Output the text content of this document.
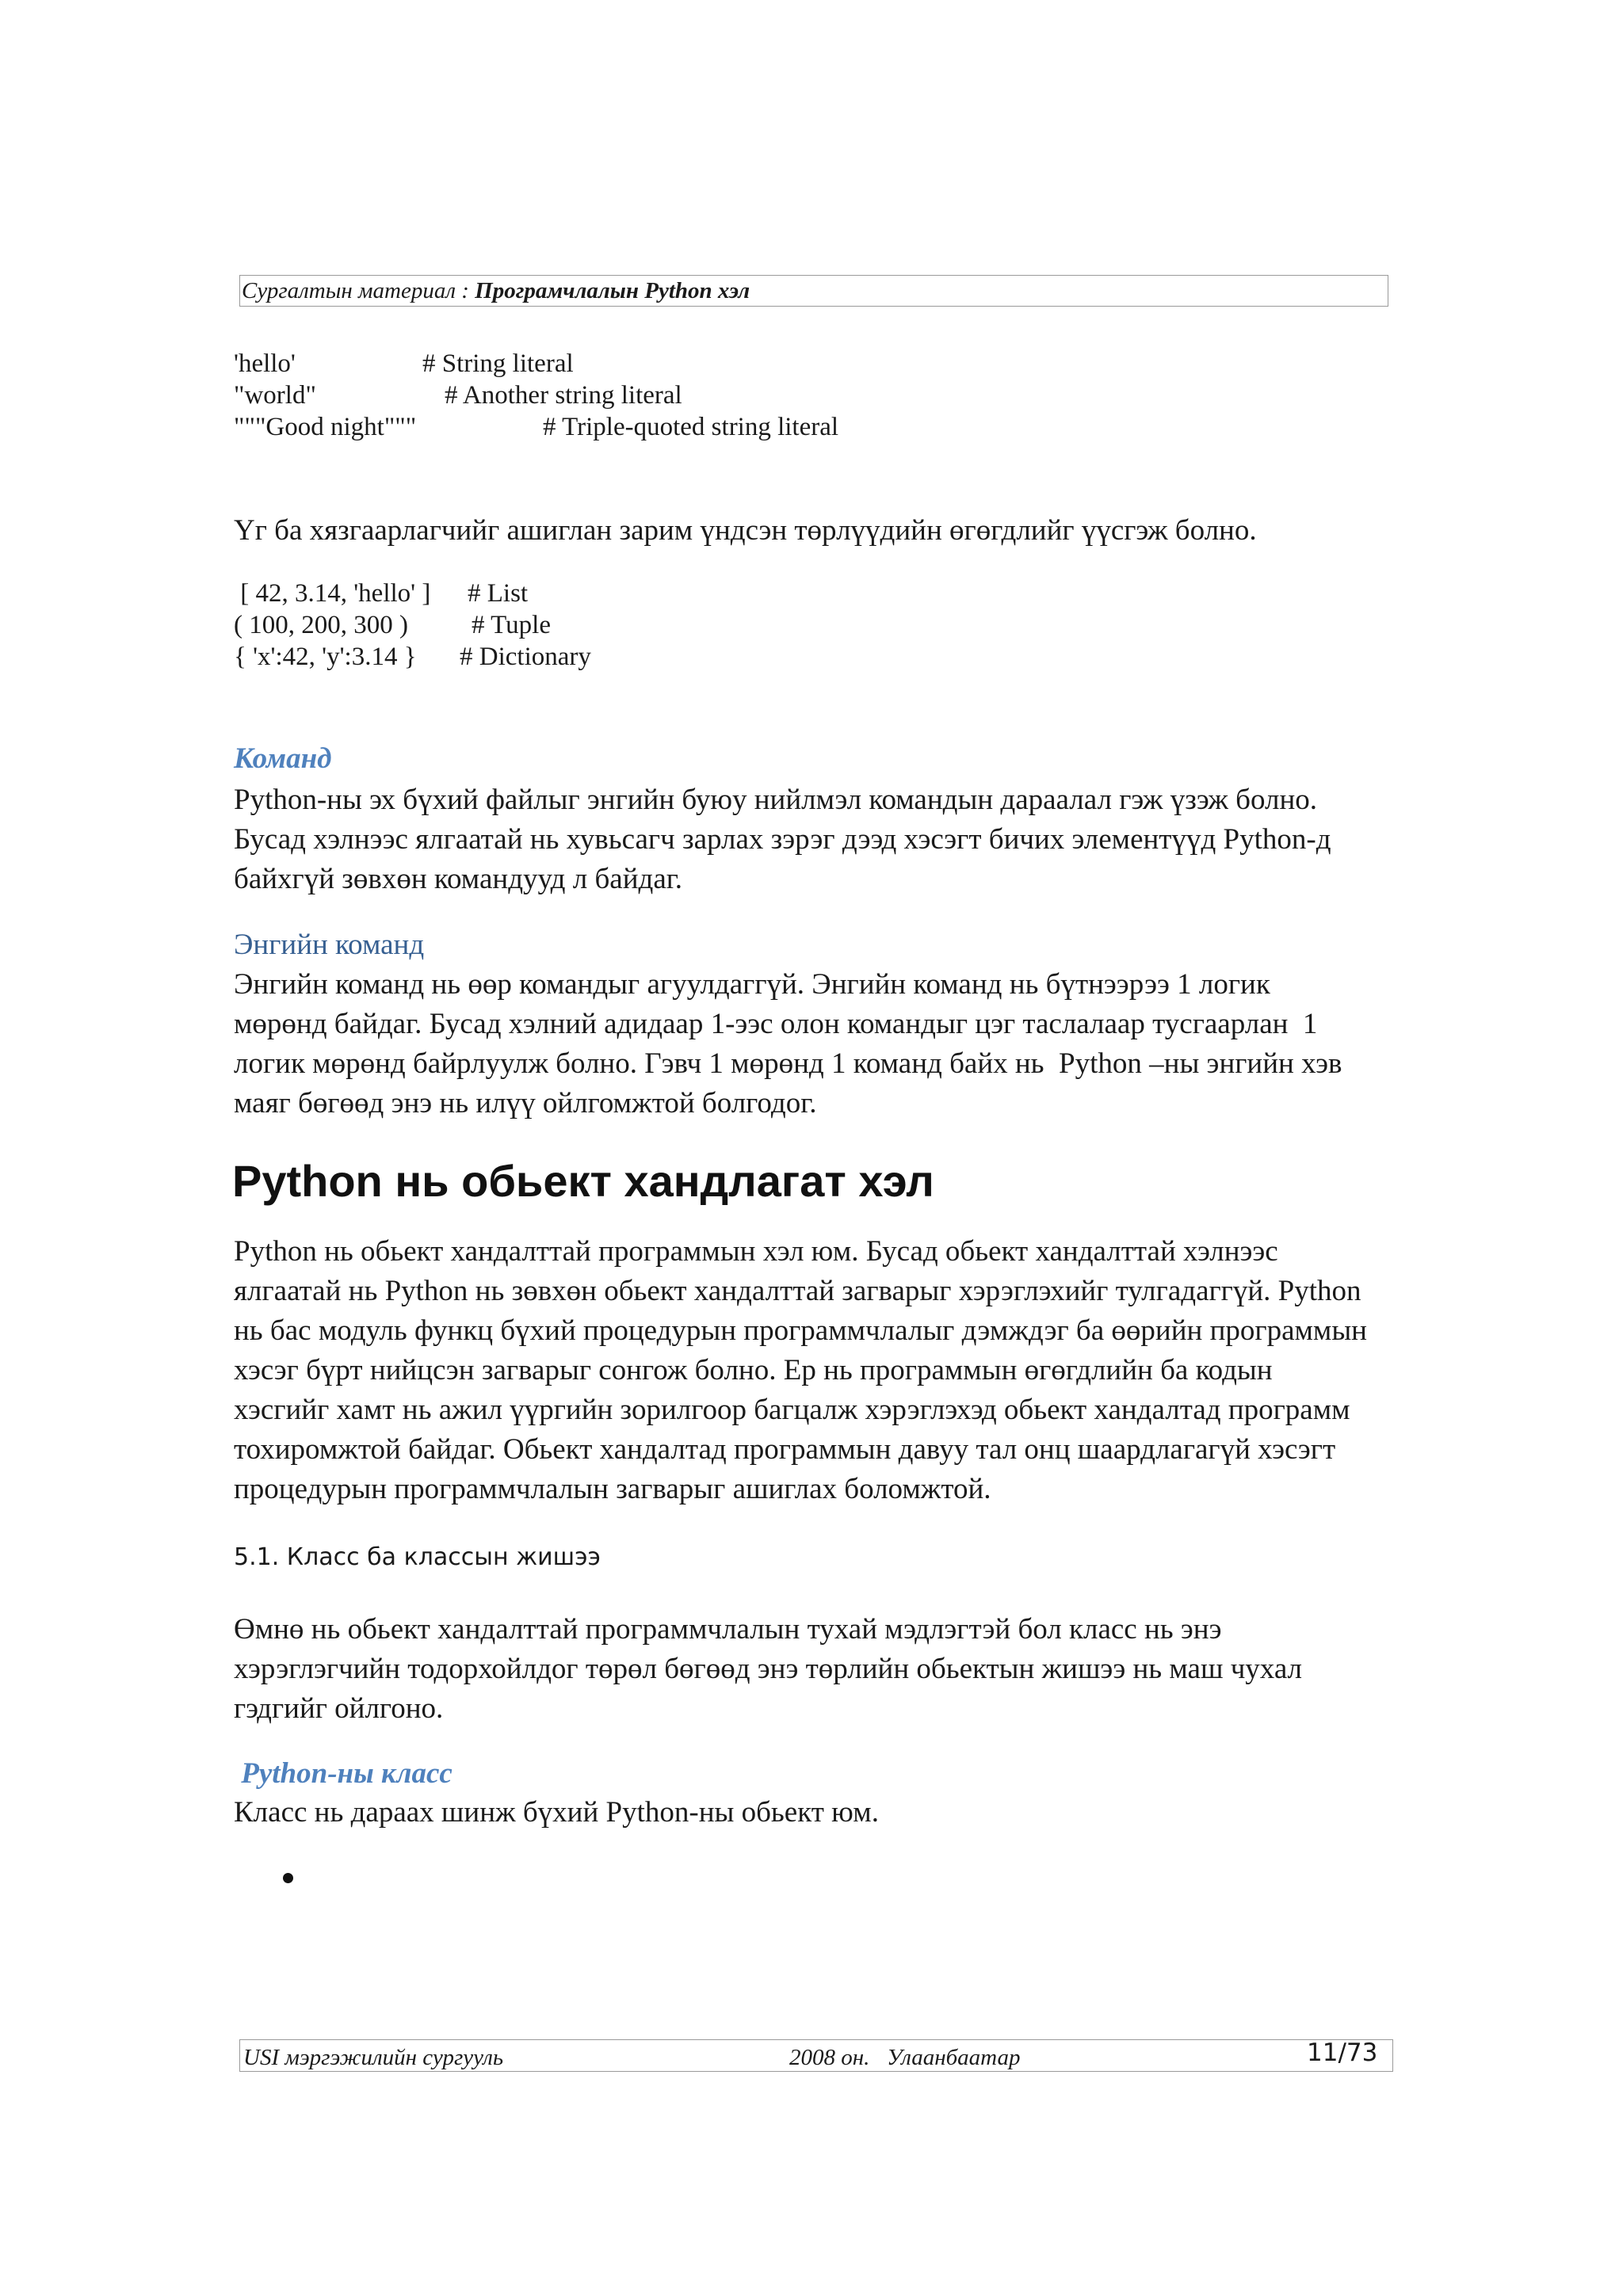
Сургалтын материал : Програмчлалын Python хэл
'hello'	# String literal
"world"	# Another string literal
"""Good night"""	# Triple-quoted string literal
Үг ба хязгаарлагчийг ашиглан зарим үндсэн төрлүүдийн өгөгдлийг үүсгэж болно.
[ 42, 3.14, 'hello' ] # List
( 100, 200, 300 ) # Tuple
{ 'x':42, 'y':3.14 } # Dictionary
Команд
Python-ны эх бүхий файлыг энгийн буюу нийлмэл командын дараалал гэж үзэж болно.
Бусад хэлнээс ялгаатай нь хувьсагч зарлах зэрэг дээд хэсэгт бичих элементүүд Python-д
байхгүй зөвхөн командууд л байдаг.
Энгийн команд
Энгийн команд нь өөр командыг агуулдаггүй. Энгийн команд нь бүтнээрээ 1 логик
мөрөнд байдаг. Бусад хэлний адидаар 1-ээс олон командыг цэг таслалаар тусгаарлан  1
логик мөрөнд байрлуулж болно. Гэвч 1 мөрөнд 1 команд байх нь  Python –ны энгийн хэв
маяг бөгөөд энэ нь илүү ойлгомжтой болгодог.
Python нь обьект хандлагат хэл
Python нь обьект хандалттай программын хэл юм. Бусад обьект хандалттай хэлнээс
ялгаатай нь Python нь зөвхөн обьект хандалттай загварыг хэрэглэхийг тулгадаггүй. Python
нь бас модуль функц бүхий процедурын программчлалыг дэмждэг ба өөрийн программын
хэсэг бүрт нийцсэн загварыг сонгож болно. Ер нь программын өгөгдлийн ба кодын
хэсгийг хамт нь ажил үүргийн зорилгоор багцалж хэрэглэхэд обьект хандалтад программ
тохиромжтой байдаг. Обьект хандалтад программын давуу тал онц шаардлагагүй хэсэгт
процедурын программчлалын загварыг ашиглах боломжтой.
5.1. Класс ба классын жишээ
Өмнө нь обьект хандалттай программчлалын тухай мэдлэгтэй бол класс нь энэ
хэрэглэгчийн тодорхойлдог төрөл бөгөөд энэ төрлийн обьектын жишээ нь маш чухал
гэдгийг ойлгоно.
Python-ны класс
Класс нь дараах шинж бүхий Python-ны обьект юм.
USI мэргэжилийн сургууль	2008 он.   Улаанбаатар	11/73
